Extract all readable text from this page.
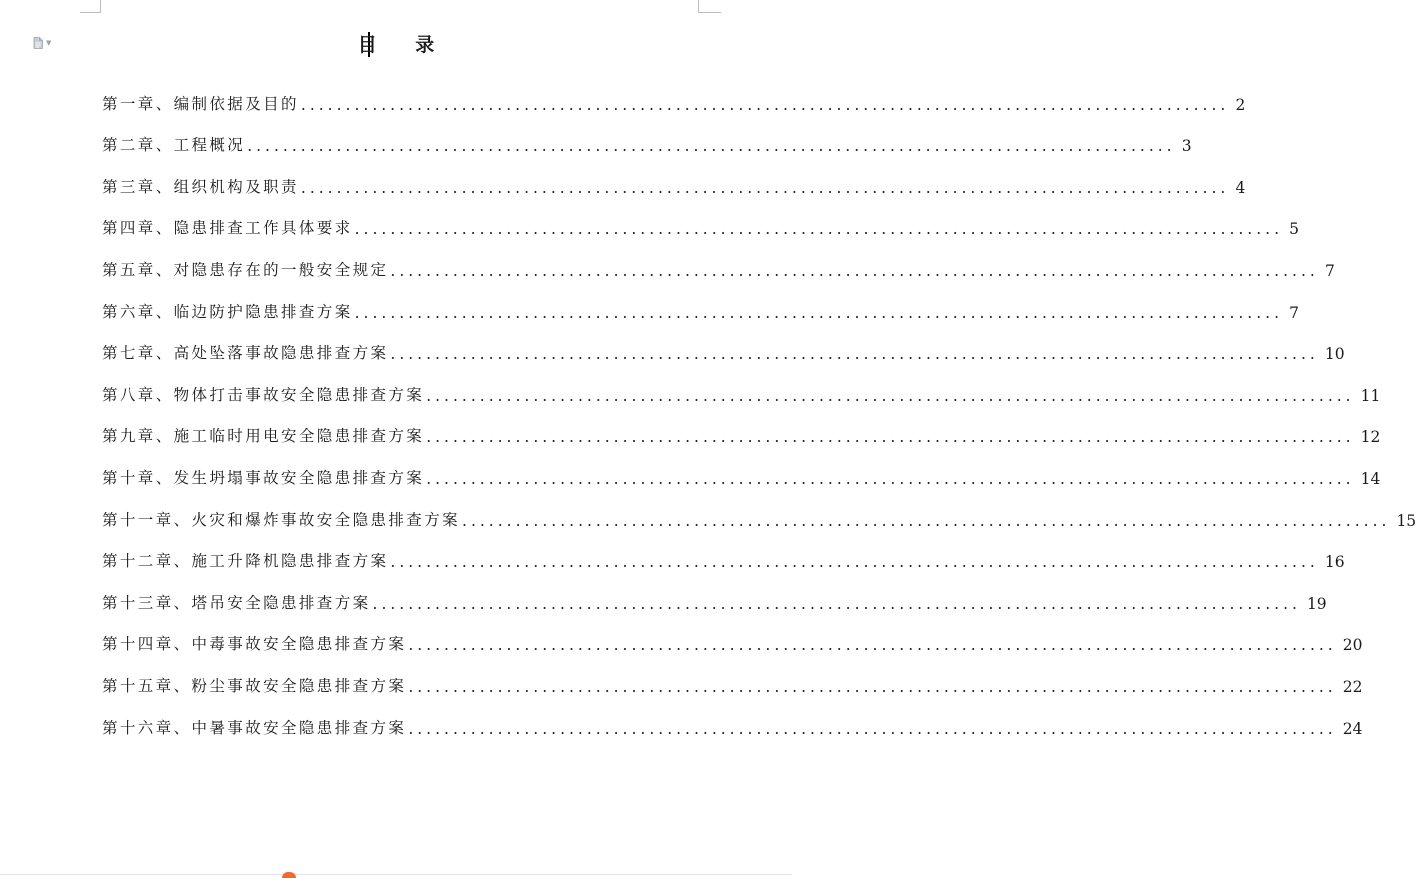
▼	目 录
第一章、编制依据及目的 ........................................................................................................ 2
第二章、工程概况 ........................................................................................................ 3
第三章、组织机构及职责 ........................................................................................................ 4
第四章、隐患排查工作具体要求 ........................................................................................................ 5
第五章、对隐患存在的一般安全规定 ........................................................................................................ 7
第六章、临边防护隐患排查方案 ........................................................................................................ 7
第七章、高处坠落事故隐患排查方案 ........................................................................................................ 10
第八章、物体打击事故安全隐患排查方案 ........................................................................................................ 11
第九章、施工临时用电安全隐患排查方案 ........................................................................................................ 12
第十章、发生坍塌事故安全隐患排查方案 ........................................................................................................ 14
第十一章、火灾和爆炸事故安全隐患排查方案 ........................................................................................................ 15
第十二章、施工升降机隐患排查方案 ........................................................................................................ 16
第十三章、塔吊安全隐患排查方案 ........................................................................................................ 19
第十四章、中毒事故安全隐患排查方案 ........................................................................................................ 20
第十五章、粉尘事故安全隐患排查方案 ........................................................................................................ 22
第十六章、中暑事故安全隐患排查方案 ........................................................................................................ 24
